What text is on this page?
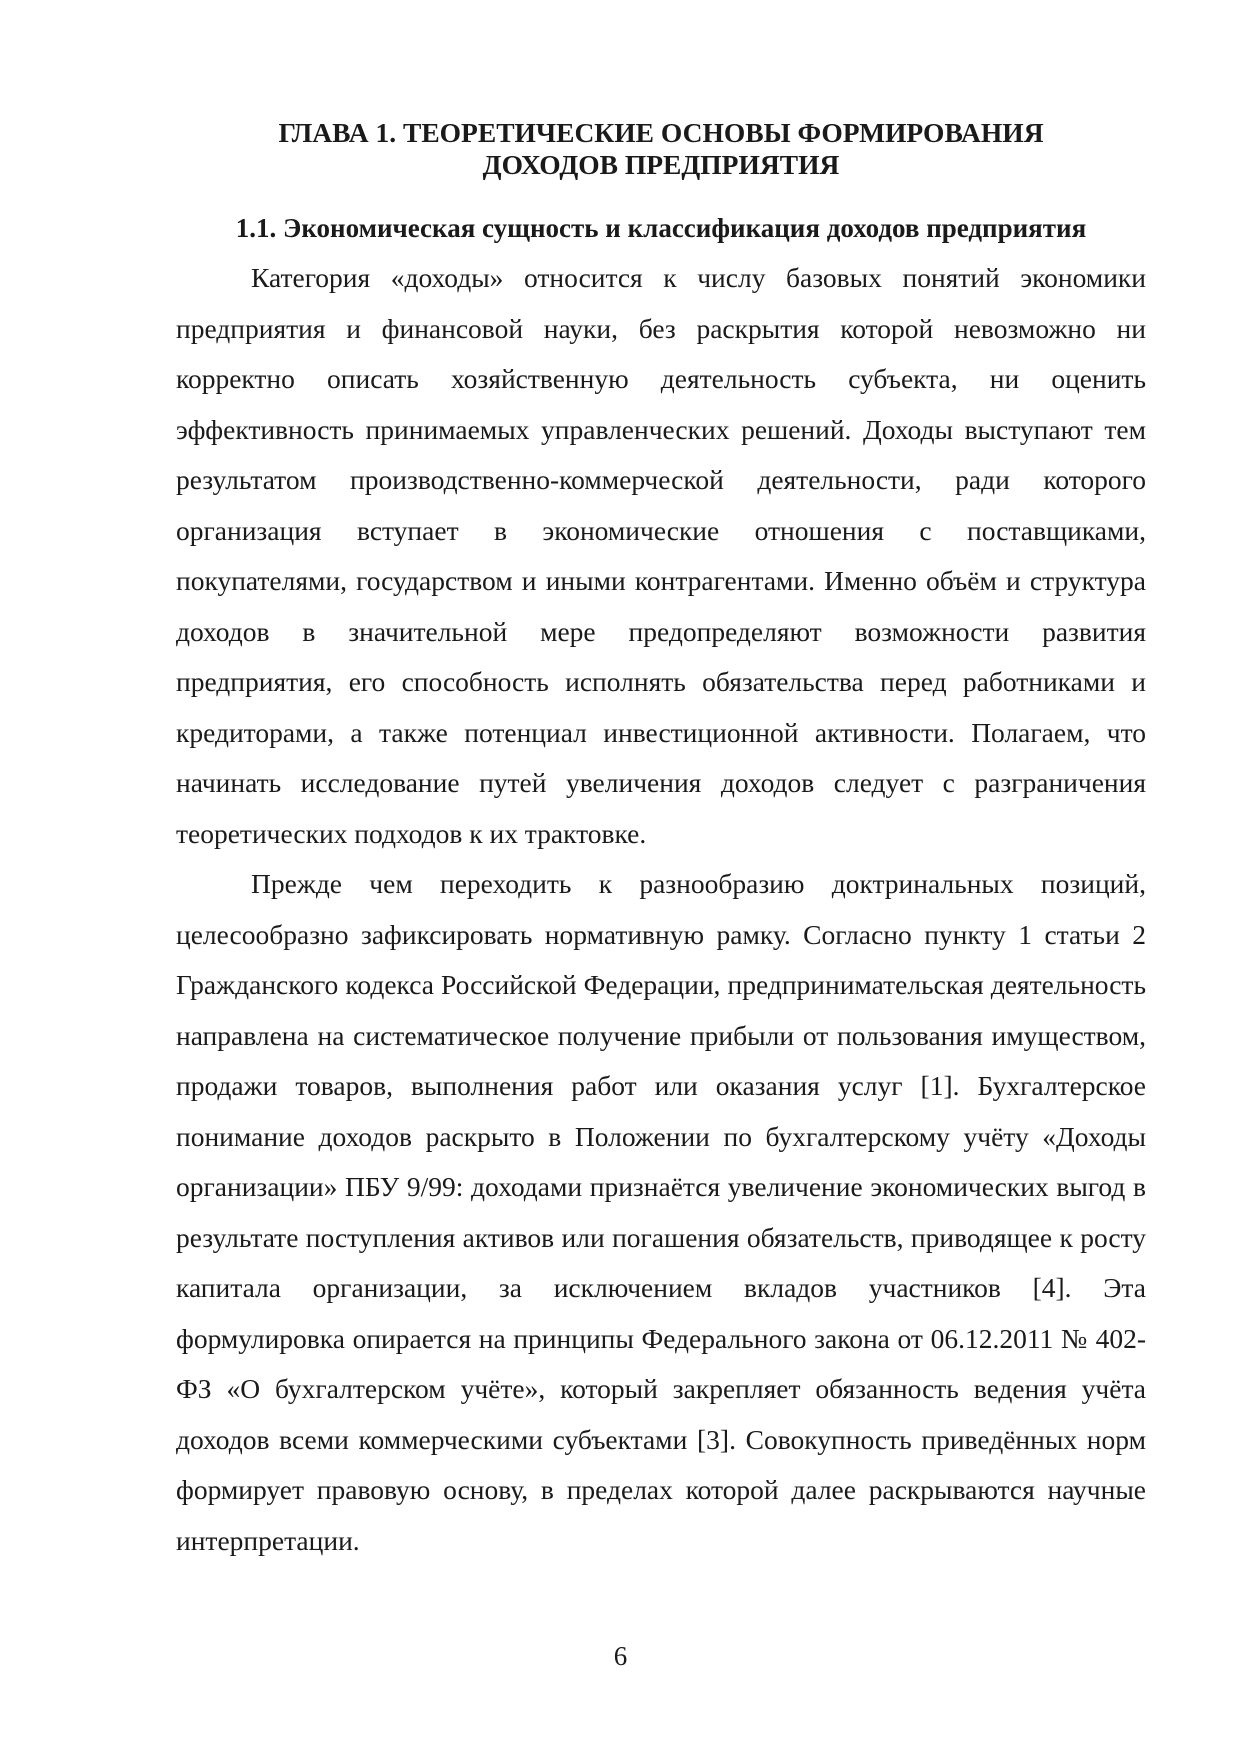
ГЛАВА 1. ТЕОРЕТИЧЕСКИЕ ОСНОВЫ ФОРМИРОВАНИЯ
ДОХОДОВ ПРЕДПРИЯТИЯ
1.1. Экономическая сущность и классификация доходов предприятия

Категория «доходы» относится к числу базовых понятий экономики предприятия и финансовой науки, без раскрытия которой невозможно ни корректно описать хозяйственную деятельность субъекта, ни оценить эффективность принимаемых управленческих решений. Доходы выступают тем результатом производственно-коммерческой деятельности, ради которого организация вступает в экономические отношения с поставщиками, покупателями, государством и иными контрагентами. Именно объём и структура доходов в значительной мере предопределяют возможности развития предприятия, его способность исполнять обязательства перед работниками и кредиторами, а также потенциал инвестиционной активности. Полагаем, что начинать исследование путей увеличения доходов следует с разграничения теоретических подходов к их трактовке.

Прежде чем переходить к разнообразию доктринальных позиций, целесообразно зафиксировать нормативную рамку. Согласно пункту 1 статьи 2 Гражданского кодекса Российской Федерации, предпринимательская деятельность направлена на систематическое получение прибыли от пользования имуществом, продажи товаров, выполнения работ или оказания услуг [1]. Бухгалтерское понимание доходов раскрыто в Положении по бухгалтерскому учёту «Доходы организации» ПБУ 9/99: доходами признаётся увеличение экономических выгод в результате поступления активов или погашения обязательств, приводящее к росту капитала организации, за исключением вкладов участников [4]. Эта формулировка опирается на принципы Федерального закона от 06.12.2011 № 402-ФЗ «О бухгалтерском учёте», который закрепляет обязанность ведения учёта доходов всеми коммерческими субъектами [3]. Совокупность приведённых норм формирует правовую основу, в пределах которой далее раскрываются научные интерпретации.

6
